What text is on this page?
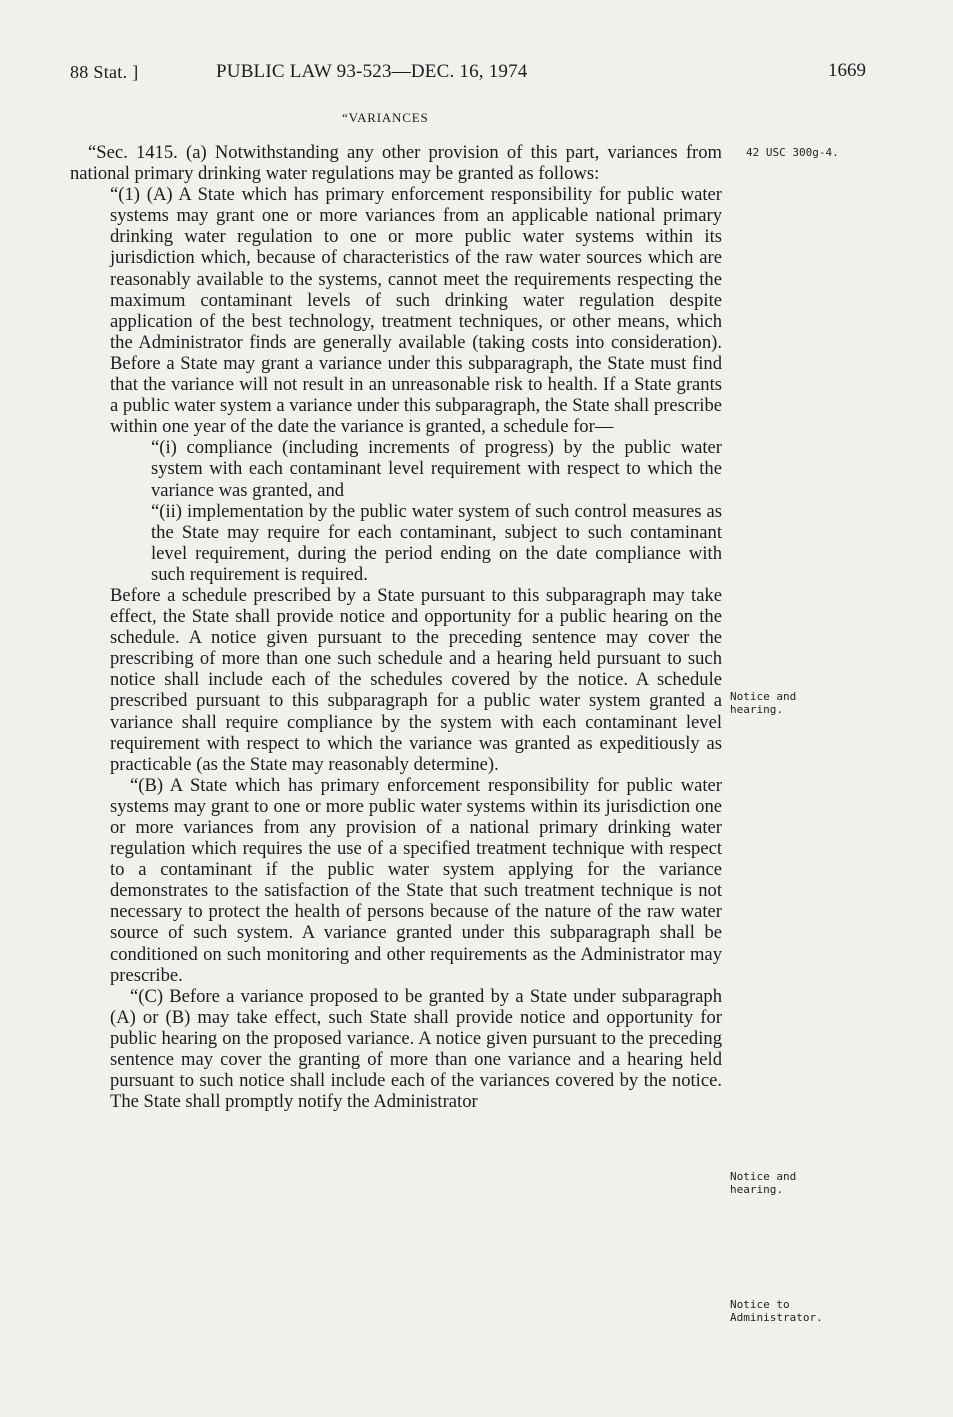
88 Stat. ]	PUBLIC LAW 93-523—DEC. 16, 1974	1669
“VARIANCES

“Sec. 1415. (a) Notwithstanding any other provision of this part, variances from national primary drinking water regulations may be granted as follows:

“(1) (A) A State which has primary enforcement responsibility for public water systems may grant one or more variances from an applicable national primary drinking water regulation to one or more public water systems within its jurisdiction which, because of characteristics of the raw water sources which are reasonably available to the systems, cannot meet the requirements respecting the maximum contaminant levels of such drinking water regulation despite application of the best technology, treatment techniques, or other means, which the Administrator finds are generally available (taking costs into consideration). Before a State may grant a variance under this subparagraph, the State must find that the variance will not result in an unreasonable risk to health. If a State grants a public water system a variance under this subparagraph, the State shall prescribe within one year of the date the variance is granted, a schedule for—

“(i) compliance (including increments of progress) by the public water system with each contaminant level requirement with respect to which the variance was granted, and

“(ii) implementation by the public water system of such control measures as the State may require for each contaminant, subject to such contaminant level requirement, during the period ending on the date compliance with such requirement is required.

Before a schedule prescribed by a State pursuant to this subparagraph may take effect, the State shall provide notice and opportunity for a public hearing on the schedule. A notice given pursuant to the preceding sentence may cover the prescribing of more than one such schedule and a hearing held pursuant to such notice shall include each of the schedules covered by the notice. A schedule prescribed pursuant to this subparagraph for a public water system granted a variance shall require compliance by the system with each contaminant level requirement with respect to which the variance was granted as expeditiously as practicable (as the State may reasonably determine).

“(B) A State which has primary enforcement responsibility for public water systems may grant to one or more public water systems within its jurisdiction one or more variances from any provision of a national primary drinking water regulation which requires the use of a specified treatment technique with respect to a contaminant if the public water system applying for the variance demonstrates to the satisfaction of the State that such treatment technique is not necessary to protect the health of persons because of the nature of the raw water source of such system. A variance granted under this subparagraph shall be conditioned on such monitoring and other requirements as the Administrator may prescribe.

“(C) Before a variance proposed to be granted by a State under subparagraph (A) or (B) may take effect, such State shall provide notice and opportunity for public hearing on the proposed variance. A notice given pursuant to the preceding sentence may cover the granting of more than one variance and a hearing held pursuant to such notice shall include each of the variances covered by the notice. The State shall promptly notify the Administrator

42 USC 300g-4.
Notice and hearing.
Notice and hearing.
Notice to Administrator.
